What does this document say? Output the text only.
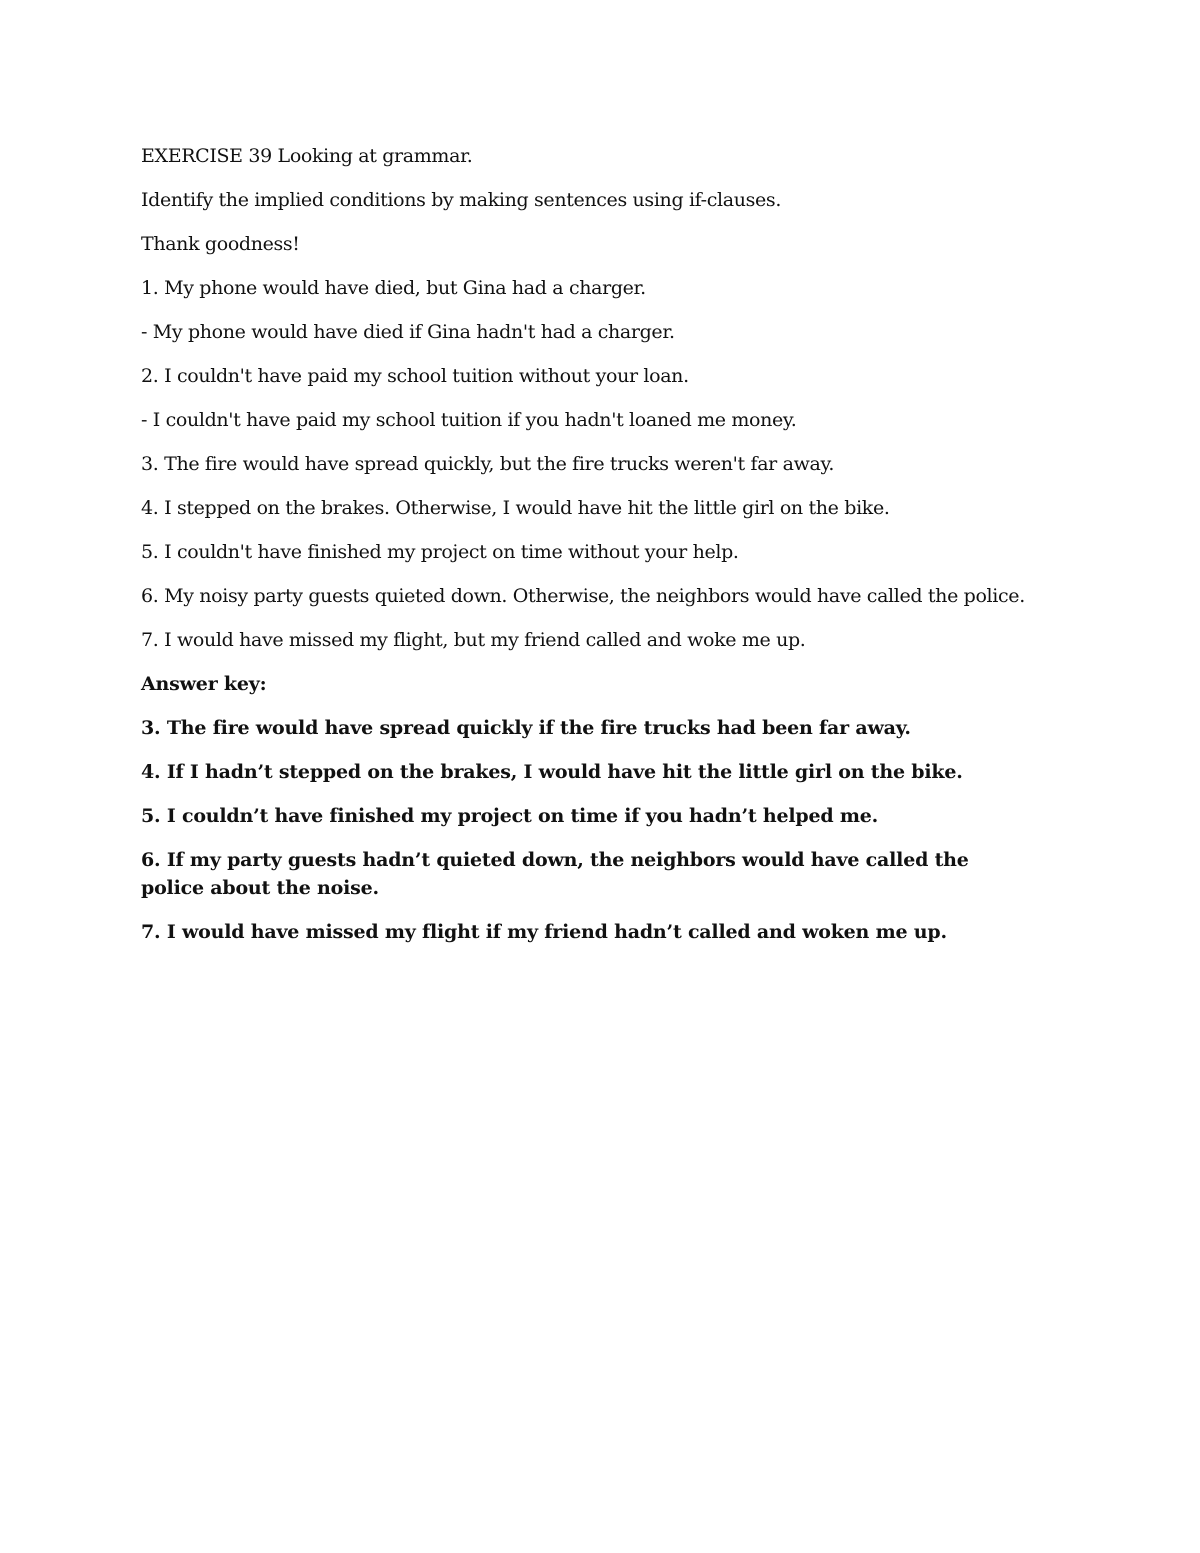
EXERCISE 39 Looking at grammar.

Identify the implied conditions by making sentences using if-clauses.

Thank goodness!

1. My phone would have died, but Gina had a charger.

- My phone would have died if Gina hadn't had a charger.

2. I couldn't have paid my school tuition without your loan.

- I couldn't have paid my school tuition if you hadn't loaned me money.

3. The fire would have spread quickly, but the fire trucks weren't far away.

4. I stepped on the brakes. Otherwise, I would have hit the little girl on the bike.

5. I couldn't have finished my project on time without your help.

6. My noisy party guests quieted down. Otherwise, the neighbors would have called the police.

7. I would have missed my flight, but my friend called and woke me up.

Answer key:

3. The fire would have spread quickly if the fire trucks had been far away.

4. If I hadn’t stepped on the brakes, I would have hit the little girl on the bike.

5. I couldn’t have finished my project on time if you hadn’t helped me.

6. If my party guests hadn’t quieted down, the neighbors would have called the police about the noise.

7. I would have missed my flight if my friend hadn’t called and woken me up.
